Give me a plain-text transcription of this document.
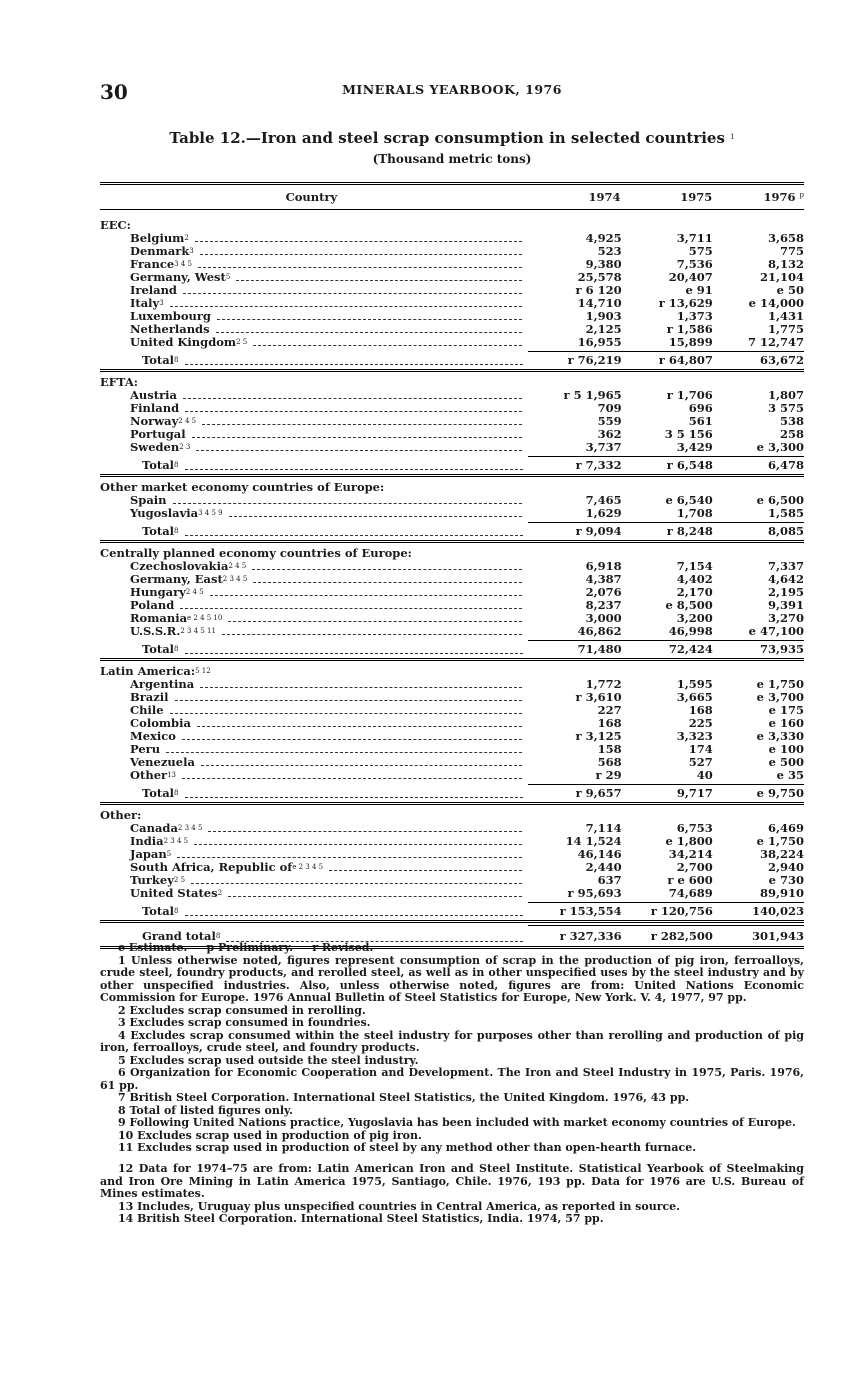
30	MINERALS YEARBOOK, 1976
Table 12.—Iron and steel scrap consumption in selected countries $^1$
(Thousand metric tons)
Country	1974	1975	1976 $^p$
EEC:
Belgium 2	4,925	3,711	3,658
Denmark 3	523	575	775
France 3 4 5	9,380	7,536	8,132
Germany, West 5	25,578	20,407	21,104
Ireland	r 6 120	e 91	e 50
Italy 3	14,710	r 13,629	e 14,000
Luxembourg	1,903	1,373	1,431
Netherlands	2,125	r 1,586	1,775
United Kingdom 2 5	16,955	15,899	7 12,747
Total 8	r 76,219	r 64,807	63,672
EFTA:
Austria	r 5 1,965	r 1,706	1,807
Finland	709	696	3 575
Norway 2 4 5	559	561	538
Portugal	362	3 5 156	258
Sweden 2 3	3,737	3,429	e 3,300
Total 8	r 7,332	r 6,548	6,478
Other market economy countries of Europe:
Spain	7,465	e 6,540	e 6,500
Yugoslavia 3 4 5 9	1,629	1,708	1,585
Total 8	r 9,094	r 8,248	8,085
Centrally planned economy countries of Europe:
Czechoslovakia 2 4 5	6,918	7,154	7,337
Germany, East 2 3 4 5	4,387	4,402	4,642
Hungary 2 4 5	2,076	2,170	2,195
Poland	8,237	e 8,500	9,391
Romania e 2 4 5 10	3,000	3,200	3,270
U.S.S.R. 2 3 4 5 11	46,862	46,998	e 47,100
Total 8	71,480	72,424	73,935
Latin America: 5 12
Argentina	1,772	1,595	e 1,750
Brazil	r 3,610	3,665	e 3,700
Chile	227	168	e 175
Colombia	168	225	e 160
Mexico	r 3,125	3,323	e 3,330
Peru	158	174	e 100
Venezuela	568	527	e 500
Other 13	r 29	40	e 35
Total 8	r 9,657	9,717	e 9,750
Other:
Canada 2 3 4 5	7,114	6,753	6,469
India 2 3 4 5	14 1,524	e 1,800	e 1,750
Japan 5	46,146	34,214	38,224
South Africa, Republic of e 2 3 4 5	2,440	2,700	2,940
Turkey 2 5	637	r e 600	e 730
United States 2	r 95,693	74,689	89,910
Total 8	r 153,554	r 120,756	140,023
Grand total 8	r 327,336	r 282,500	301,943

e Estimate.     p Preliminary.     r Revised.

1 Unless otherwise noted, figures represent consumption of scrap in the production of pig iron, ferroalloys, crude steel, foundry products, and rerolled steel, as well as in other unspecified uses by the steel industry and by other unspecified industries. Also, unless otherwise noted, figures are from: United Nations Economic Commission for Europe. 1976 Annual Bulletin of Steel Statistics for Europe, New York. V. 4, 1977, 97 pp.

2 Excludes scrap consumed in rerolling.

3 Excludes scrap consumed in foundries.

4 Excludes scrap consumed within the steel industry for purposes other than rerolling and production of pig iron, ferroalloys, crude steel, and foundry products.

5 Excludes scrap used outside the steel industry.

6 Organization for Economic Cooperation and Development. The Iron and Steel Industry in 1975, Paris. 1976, 61 pp.

7 British Steel Corporation. International Steel Statistics, the United Kingdom. 1976, 43 pp.

8 Total of listed figures only.

9 Following United Nations practice, Yugoslavia has been included with market economy countries of Europe.

10 Excludes scrap used in production of pig iron.

11 Excludes scrap used in production of steel by any method other than open-hearth furnace.

12 Data for 1974–75 are from: Latin American Iron and Steel Institute. Statistical Yearbook of Steelmaking and Iron Ore Mining in Latin America 1975, Santiago, Chile. 1976, 193 pp. Data for 1976 are U.S. Bureau of Mines estimates.

13 Includes, Uruguay plus unspecified countries in Central America, as reported in source.

14 British Steel Corporation. International Steel Statistics, India. 1974, 57 pp.
